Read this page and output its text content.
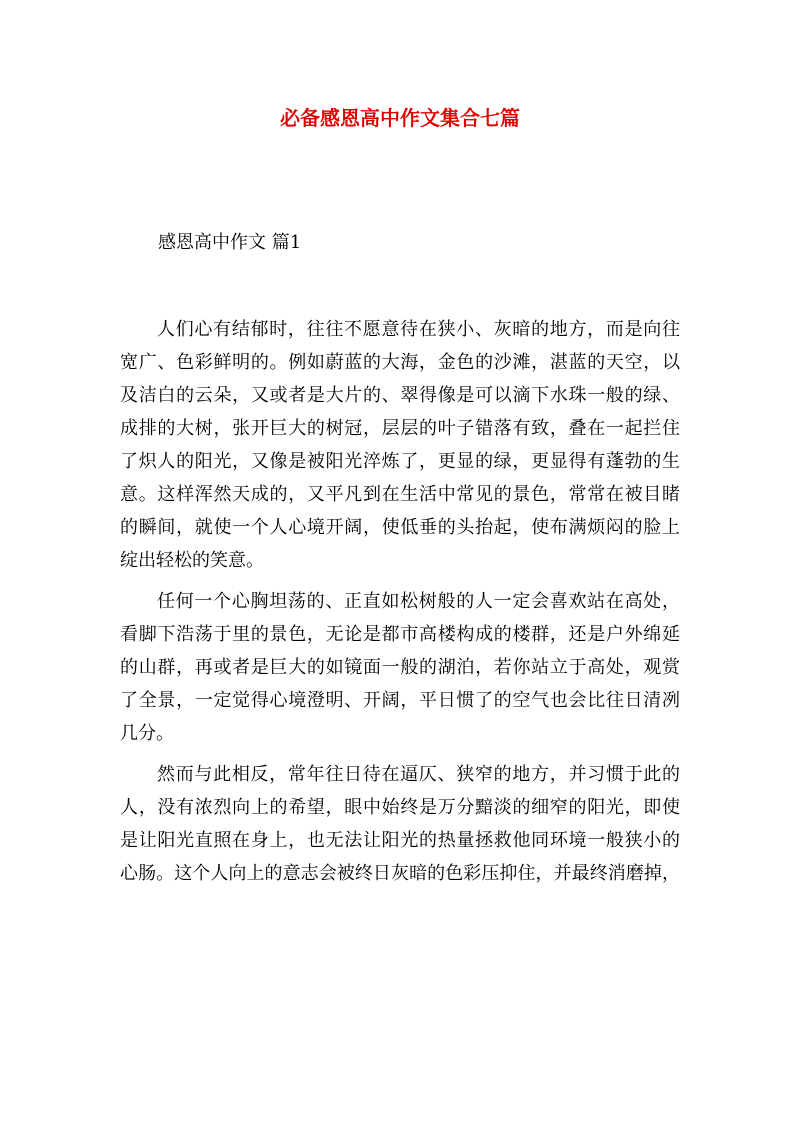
必备感恩高中作文集合七篇
感恩高中作文 篇1

人们心有结郁时，往往不愿意待在狭小、灰暗的地方，而是向往
宽广、色彩鲜明的。例如蔚蓝的大海，金色的沙滩，湛蓝的天空，以
及洁白的云朵，又或者是大片的、翠得像是可以滴下水珠一般的绿、
成排的大树，张开巨大的树冠，层层的叶子错落有致，叠在一起拦住
了炽人的阳光，又像是被阳光淬炼了，更显的绿，更显得有蓬勃的生
意。这样浑然天成的，又平凡到在生活中常见的景色，常常在被目睹
的瞬间，就使一个人心境开阔，使低垂的头抬起，使布满烦闷的脸上
绽出轻松的笑意。

任何一个心胸坦荡的、正直如松树般的人一定会喜欢站在高处，
看脚下浩荡于里的景色，无论是都市高楼构成的楼群，还是户外绵延
的山群，再或者是巨大的如镜面一般的湖泊，若你站立于高处，观赏
了全景，一定觉得心境澄明、开阔，平日惯了的空气也会比往日清冽
几分。

然而与此相反，常年往日待在逼仄、狭窄的地方，并习惯于此的
人，没有浓烈向上的希望，眼中始终是万分黯淡的细窄的阳光，即使
是让阳光直照在身上，也无法让阳光的热量拯救他同环境一般狭小的
心肠。这个人向上的意志会被终日灰暗的色彩压抑住，并最终消磨掉，
